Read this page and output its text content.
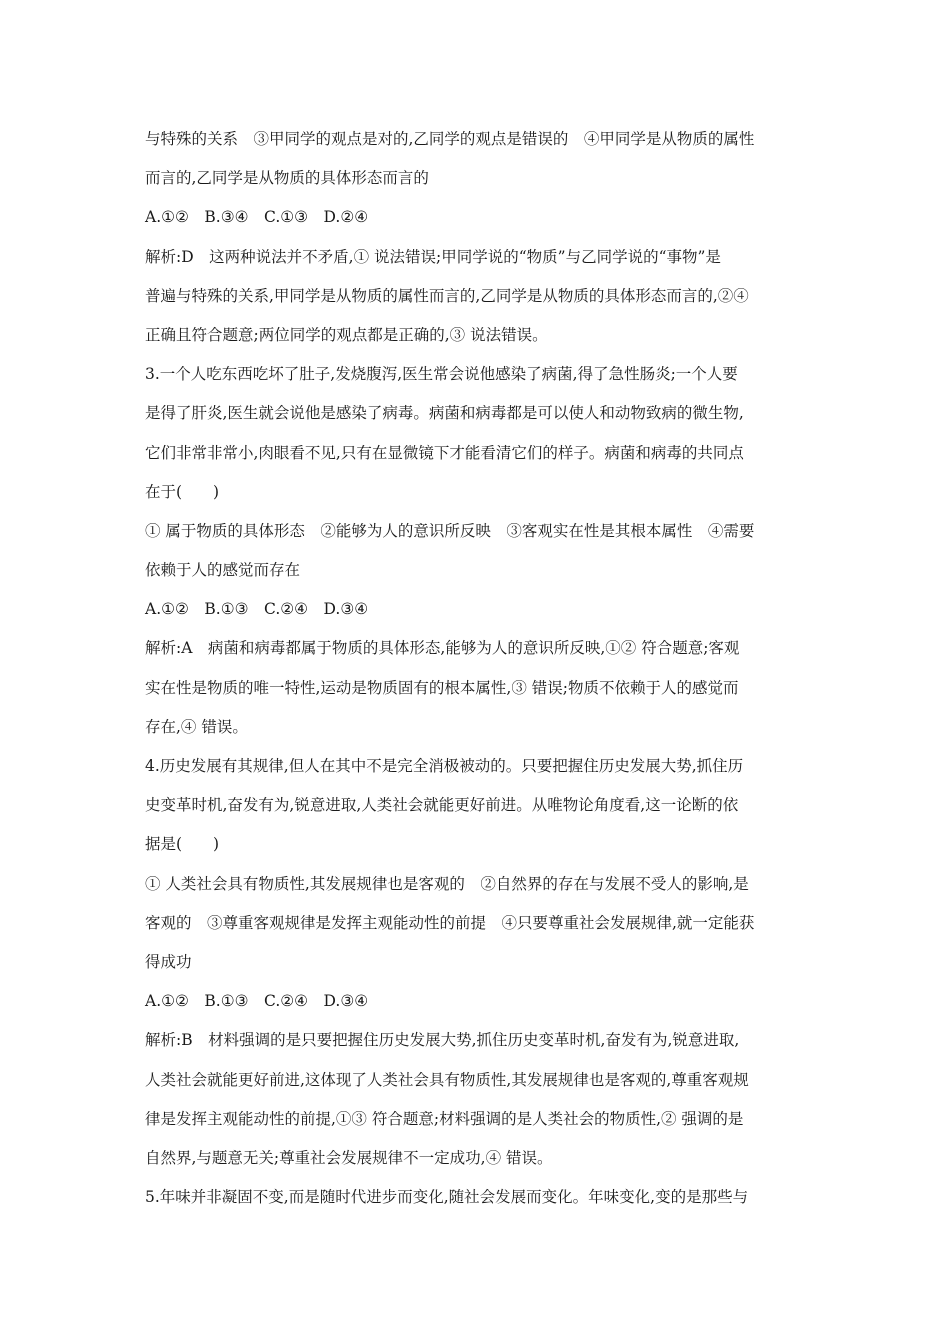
与特殊的关系　③甲同学的观点是对的,乙同学的观点是错误的　④甲同学是从物质的属性
而言的,乙同学是从物质的具体形态而言的
A.①②　B.③④　C.①③　D.②④
解析:D　这两种说法并不矛盾,① 说法错误;甲同学说的“物质”与乙同学说的“事物”是
普遍与特殊的关系,甲同学是从物质的属性而言的,乙同学是从物质的具体形态而言的,②④
正确且符合题意;两位同学的观点都是正确的,③ 说法错误。
3.一个人吃东西吃坏了肚子,发烧腹泻,医生常会说他感染了病菌,得了急性肠炎;一个人要
是得了肝炎,医生就会说他是感染了病毒。病菌和病毒都是可以使人和动物致病的微生物,
它们非常非常小,肉眼看不见,只有在显微镜下才能看清它们的样子。病菌和病毒的共同点
在于(　　)
① 属于物质的具体形态　②能够为人的意识所反映　③客观实在性是其根本属性　④需要
依赖于人的感觉而存在
A.①②　B.①③　C.②④　D.③④
解析:A　病菌和病毒都属于物质的具体形态,能够为人的意识所反映,①② 符合题意;客观
实在性是物质的唯一特性,运动是物质固有的根本属性,③ 错误;物质不依赖于人的感觉而
存在,④ 错误。
4.历史发展有其规律,但人在其中不是完全消极被动的。只要把握住历史发展大势,抓住历
史变革时机,奋发有为,锐意进取,人类社会就能更好前进。从唯物论角度看,这一论断的依
据是(　　)
① 人类社会具有物质性,其发展规律也是客观的　②自然界的存在与发展不受人的影响,是
客观的　③尊重客观规律是发挥主观能动性的前提　④只要尊重社会发展规律,就一定能获
得成功
A.①②　B.①③　C.②④　D.③④
解析:B　材料强调的是只要把握住历史发展大势,抓住历史变革时机,奋发有为,锐意进取,
人类社会就能更好前进,这体现了人类社会具有物质性,其发展规律也是客观的,尊重客观规
律是发挥主观能动性的前提,①③ 符合题意;材料强调的是人类社会的物质性,② 强调的是
自然界,与题意无关;尊重社会发展规律不一定成功,④ 错误。
5.年味并非凝固不变,而是随时代进步而变化,随社会发展而变化。年味变化,变的是那些与
